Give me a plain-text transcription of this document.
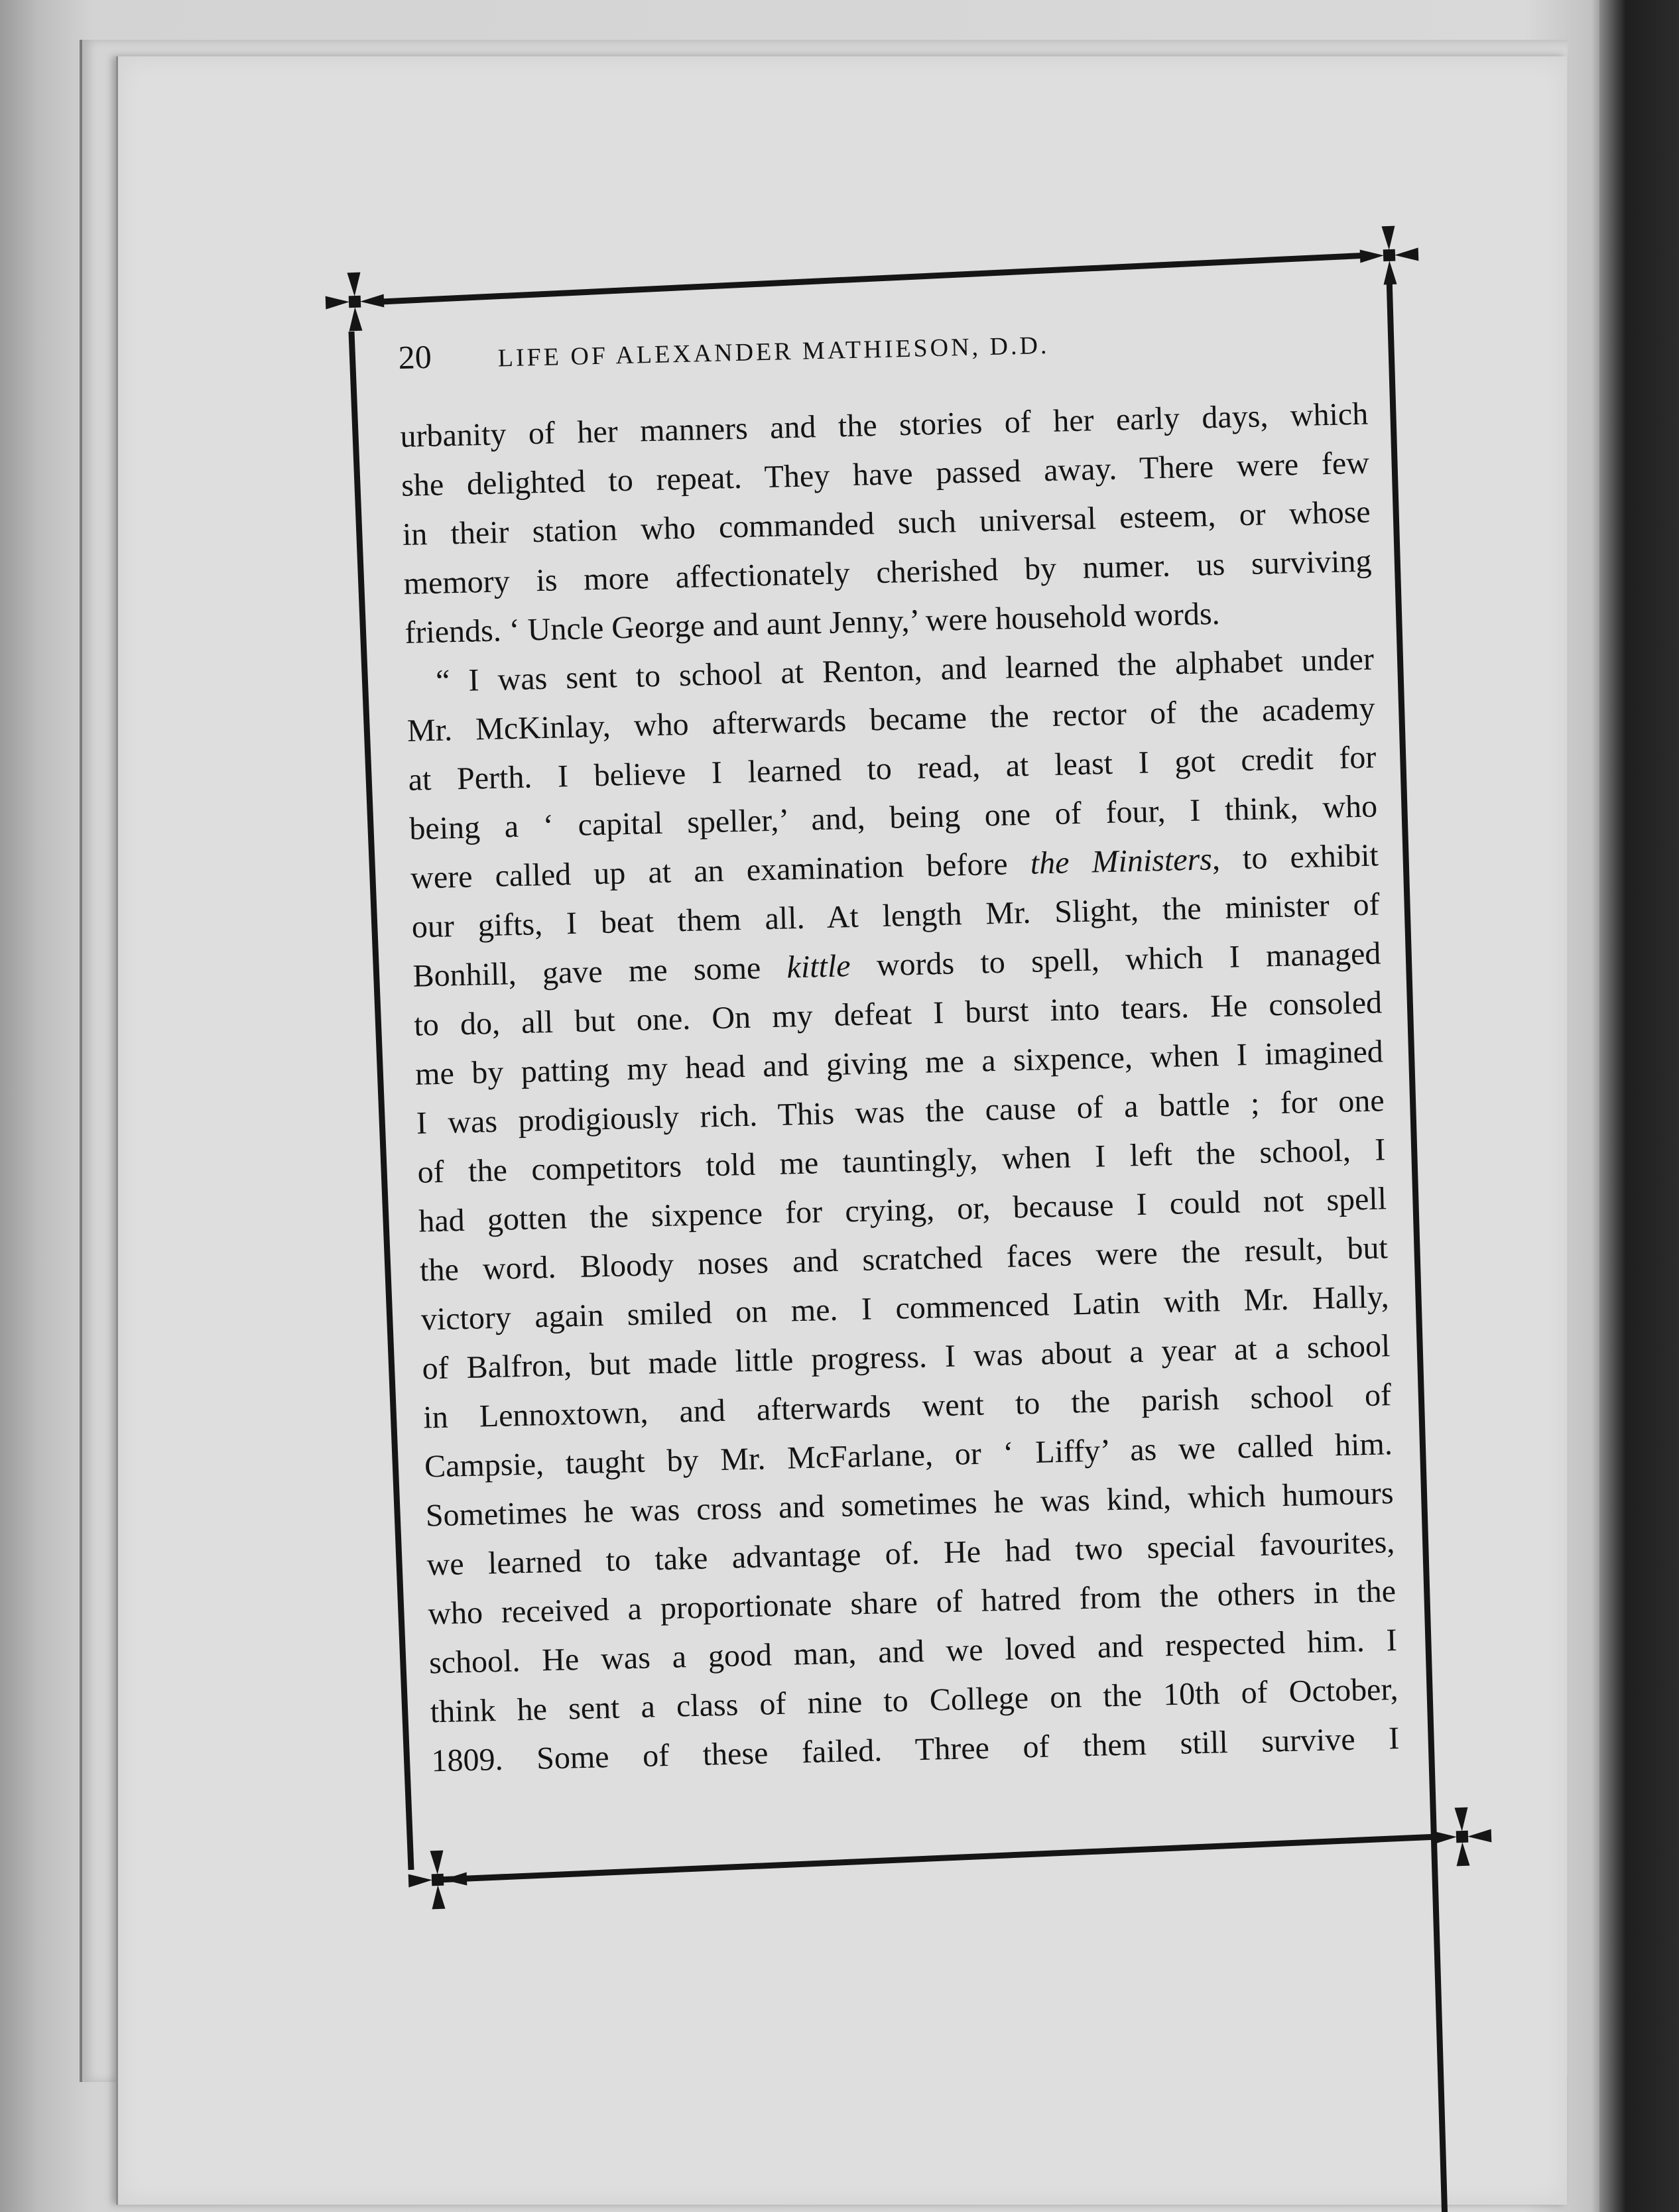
20	LIFE OF ALEXANDER MATHIESON, D.D.
urbanity of her manners and the stories of her early days, which
she delighted to repeat. They have passed away. There were few
in their station who commanded such universal esteem, or whose
memory is more affectionately cherished by numer. us surviving
friends. ‘ Uncle George and aunt Jenny,’ were household words.
“ I was sent to school at Renton, and learned the alphabet under
Mr. McKinlay, who afterwards became the rector of the academy
at Perth. I believe I learned to read, at least I got credit for
being a ‘ capital speller,’ and, being one of four, I think, who
were called up at an examination before the Ministers, to exhibit
our gifts, I beat them all. At length Mr. Slight, the minister of
Bonhill, gave me some kittle words to spell, which I managed
to do, all but one. On my defeat I burst into tears. He consoled
me by patting my head and giving me a sixpence, when I imagined
I was prodigiously rich. This was the cause of a battle ; for one
of the competitors told me tauntingly, when I left the school, I
had gotten the sixpence for crying, or, because I could not spell
the word. Bloody noses and scratched faces were the result, but
victory again smiled on me. I commenced Latin with Mr. Hally,
of Balfron, but made little progress. I was about a year at a school
in Lennoxtown, and afterwards went to the parish school of
Campsie, taught by Mr. McFarlane, or ‘ Liffy’ as we called him.
Sometimes he was cross and sometimes he was kind, which humours
we learned to take advantage of. He had two special favourites,
who received a proportionate share of hatred from the others in the
school. He was a good man, and we loved and respected him. I
think he sent a class of nine to College on the 10th of October,
1809. Some of these failed. Three of them still survive I
